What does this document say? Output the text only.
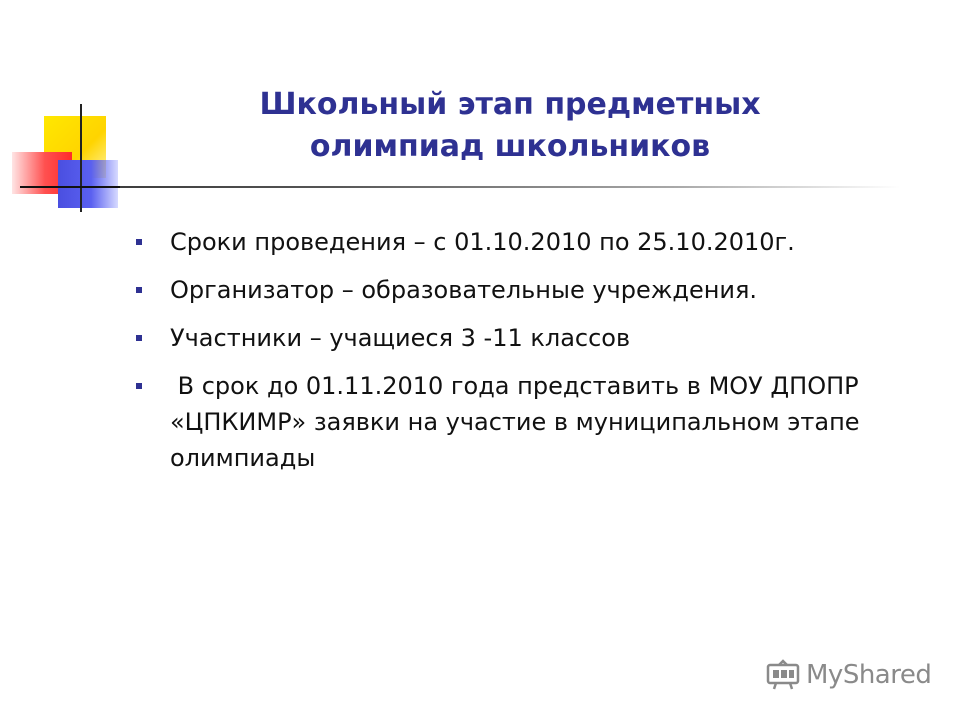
Школьный этап предметных
олимпиад школьников
Сроки проведения – с 01.10.2010 по 25.10.2010г.
Организатор – образовательные учреждения.
Участники – учащиеся 3 -11 классов
В срок до 01.11.2010 года представить в МОУ ДПОПР «ЦПКИМР» заявки на участие в муниципальном этапе олимпиады
MyShared
